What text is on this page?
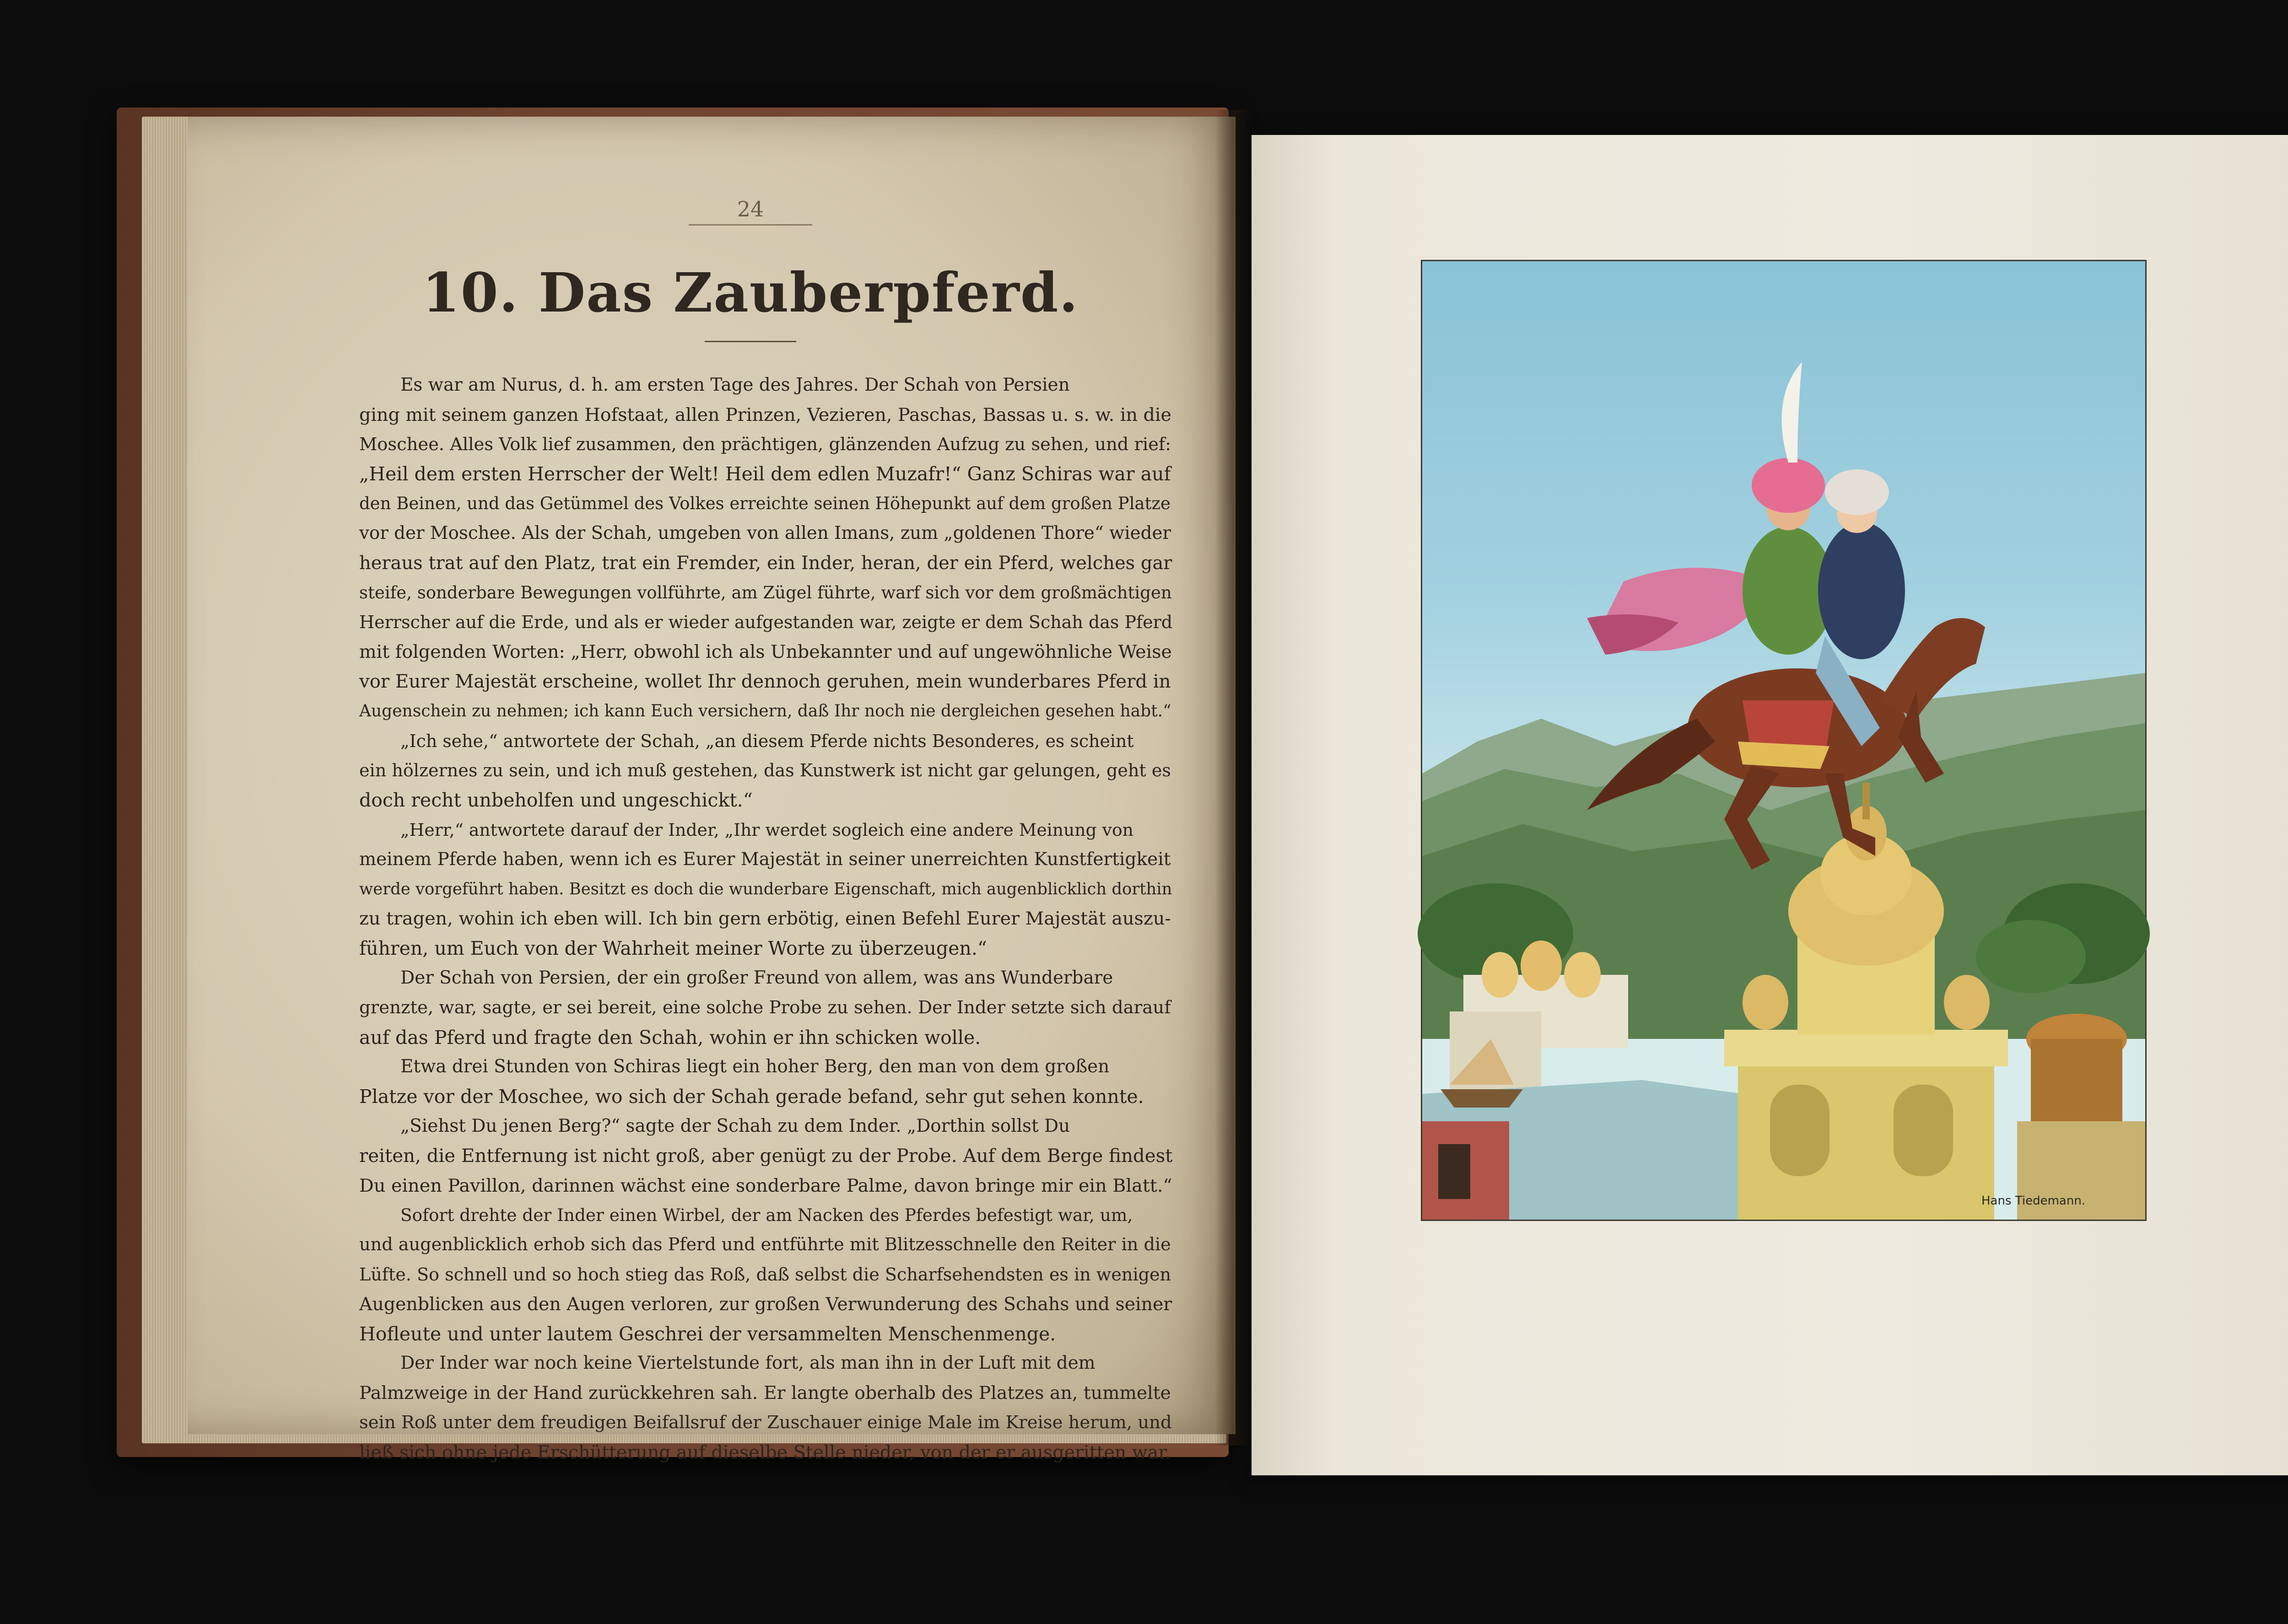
24
10. Das Zauberpferd.

Es war am Nurus, d. h. am ersten Tage des Jahres. Der Schah von Persien

ging mit seinem ganzen Hofstaat, allen Prinzen, Vezieren, Paschas, Bassas u. s. w. in die

Moschee. Alles Volk lief zusammen, den prächtigen, glänzenden Aufzug zu sehen, und rief:

„Heil dem ersten Herrscher der Welt! Heil dem edlen Muzafr!“ Ganz Schiras war auf

den Beinen, und das Getümmel des Volkes erreichte seinen Höhepunkt auf dem großen Platze

vor der Moschee. Als der Schah, umgeben von allen Imans, zum „goldenen Thore“ wieder

heraus trat auf den Platz, trat ein Fremder, ein Inder, heran, der ein Pferd, welches gar

steife, sonderbare Bewegungen vollführte, am Zügel führte, warf sich vor dem großmächtigen

Herrscher auf die Erde, und als er wieder aufgestanden war, zeigte er dem Schah das Pferd

mit folgenden Worten: „Herr, obwohl ich als Unbekannter und auf ungewöhnliche Weise

vor Eurer Majestät erscheine, wollet Ihr dennoch geruhen, mein wunderbares Pferd in

Augenschein zu nehmen; ich kann Euch versichern, daß Ihr noch nie dergleichen gesehen habt.“

„Ich sehe,“ antwortete der Schah, „an diesem Pferde nichts Besonderes, es scheint

ein hölzernes zu sein, und ich muß gestehen, das Kunstwerk ist nicht gar gelungen, geht es

doch recht unbeholfen und ungeschickt.“

„Herr,“ antwortete darauf der Inder, „Ihr werdet sogleich eine andere Meinung von

meinem Pferde haben, wenn ich es Eurer Majestät in seiner unerreichten Kunstfertigkeit

werde vorgeführt haben. Besitzt es doch die wunderbare Eigenschaft, mich augenblicklich dorthin

zu tragen, wohin ich eben will. Ich bin gern erbötig, einen Befehl Eurer Majestät auszu-

führen, um Euch von der Wahrheit meiner Worte zu überzeugen.“

Der Schah von Persien, der ein großer Freund von allem, was ans Wunderbare

grenzte, war, sagte, er sei bereit, eine solche Probe zu sehen. Der Inder setzte sich darauf

auf das Pferd und fragte den Schah, wohin er ihn schicken wolle.

Etwa drei Stunden von Schiras liegt ein hoher Berg, den man von dem großen

Platze vor der Moschee, wo sich der Schah gerade befand, sehr gut sehen konnte.

„Siehst Du jenen Berg?“ sagte der Schah zu dem Inder. „Dorthin sollst Du

reiten, die Entfernung ist nicht groß, aber genügt zu der Probe. Auf dem Berge findest

Du einen Pavillon, darinnen wächst eine sonderbare Palme, davon bringe mir ein Blatt.“

Sofort drehte der Inder einen Wirbel, der am Nacken des Pferdes befestigt war, um,

und augenblicklich erhob sich das Pferd und entführte mit Blitzesschnelle den Reiter in die

Lüfte. So schnell und so hoch stieg das Roß, daß selbst die Scharfsehendsten es in wenigen

Augenblicken aus den Augen verloren, zur großen Verwunderung des Schahs und seiner

Hofleute und unter lautem Geschrei der versammelten Menschenmenge.

Der Inder war noch keine Viertelstunde fort, als man ihn in der Luft mit dem

Palmzweige in der Hand zurückkehren sah. Er langte oberhalb des Platzes an, tummelte

sein Roß unter dem freudigen Beifallsruf der Zuschauer einige Male im Kreise herum, und

ließ sich ohne jede Erschütterung auf dieselbe Stelle nieder, von der er ausgeritten war.

Hans Tiedemann.
